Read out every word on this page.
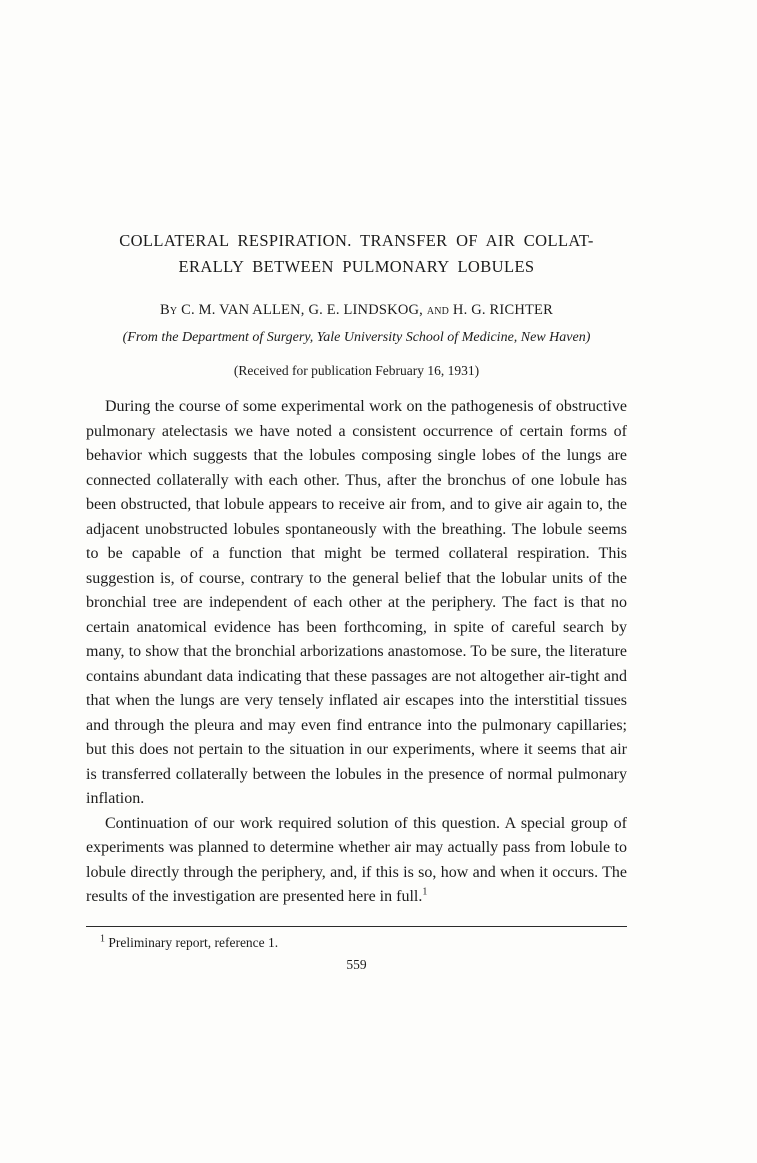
COLLATERAL RESPIRATION. TRANSFER OF AIR COLLAT-
ERALLY BETWEEN PULMONARY LOBULES

By C. M. VAN ALLEN, G. E. LINDSKOG, and H. G. RICHTER

(From the Department of Surgery, Yale University School of Medicine, New Haven)

(Received for publication February 16, 1931)

During the course of some experimental work on the pathogenesis of obstructive pulmonary atelectasis we have noted a consistent occurrence of certain forms of behavior which suggests that the lobules composing single lobes of the lungs are connected collaterally with each other. Thus, after the bronchus of one lobule has been obstructed, that lobule appears to receive air from, and to give air again to, the adjacent unobstructed lobules spontaneously with the breathing. The lobule seems to be capable of a function that might be termed collateral respiration. This suggestion is, of course, contrary to the general belief that the lobular units of the bronchial tree are independent of each other at the periphery. The fact is that no certain anatomical evidence has been forthcoming, in spite of careful search by many, to show that the bronchial arborizations anastomose. To be sure, the literature contains abundant data indicating that these passages are not altogether air-tight and that when the lungs are very tensely inflated air escapes into the interstitial tissues and through the pleura and may even find entrance into the pulmonary capillaries; but this does not pertain to the situation in our experiments, where it seems that air is transferred collaterally between the lobules in the presence of normal pulmonary inflation.

Continuation of our work required solution of this question. A special group of experiments was planned to determine whether air may actually pass from lobule to lobule directly through the periphery, and, if this is so, how and when it occurs. The results of the investigation are presented here in full.$^1$

$^1$ Preliminary report, reference 1.

559
